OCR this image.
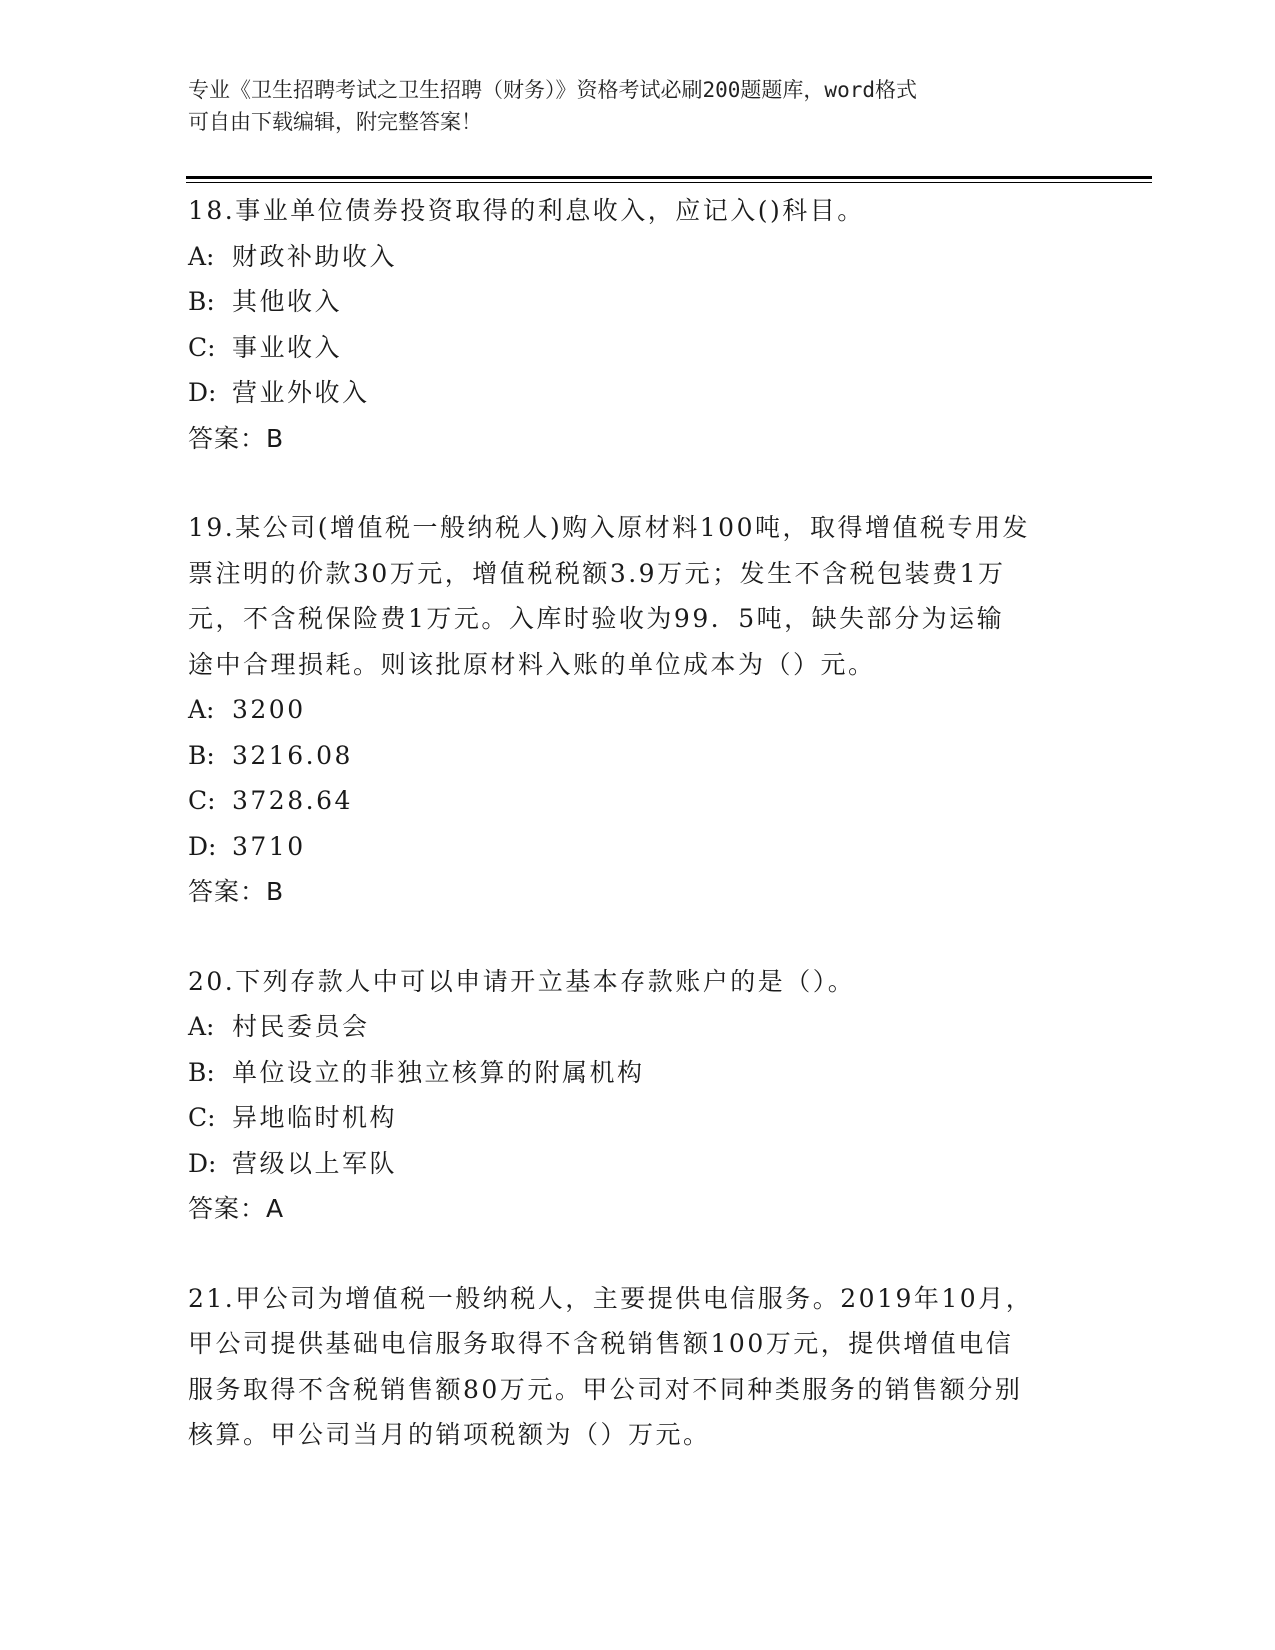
专业《卫生招聘考试之卫生招聘（财务）》资格考试必刷200题题库，word格式
可自由下载编辑，附完整答案！

18.事业单位债券投资取得的利息收入，应记入()科目。

A: 财政补助收入

B: 其他收入

C: 事业收入

D: 营业外收入

答案：B

19.某公司(增值税一般纳税人)购入原材料100吨，取得增值税专用发

票注明的价款30万元，增值税税额3.9万元；发生不含税包装费1万

元，不含税保险费1万元。入库时验收为99．5吨，缺失部分为运输

途中合理损耗。则该批原材料入账的单位成本为（）元。

A: 3200

B: 3216.08

C: 3728.64

D: 3710

答案：B

20.下列存款人中可以申请开立基本存款账户的是（）。

A: 村民委员会

B: 单位设立的非独立核算的附属机构

C: 异地临时机构

D: 营级以上军队

答案：A

21.甲公司为增值税一般纳税人，主要提供电信服务。2019年10月，

甲公司提供基础电信服务取得不含税销售额100万元，提供增值电信

服务取得不含税销售额80万元。甲公司对不同种类服务的销售额分别

核算。甲公司当月的销项税额为（）万元。
